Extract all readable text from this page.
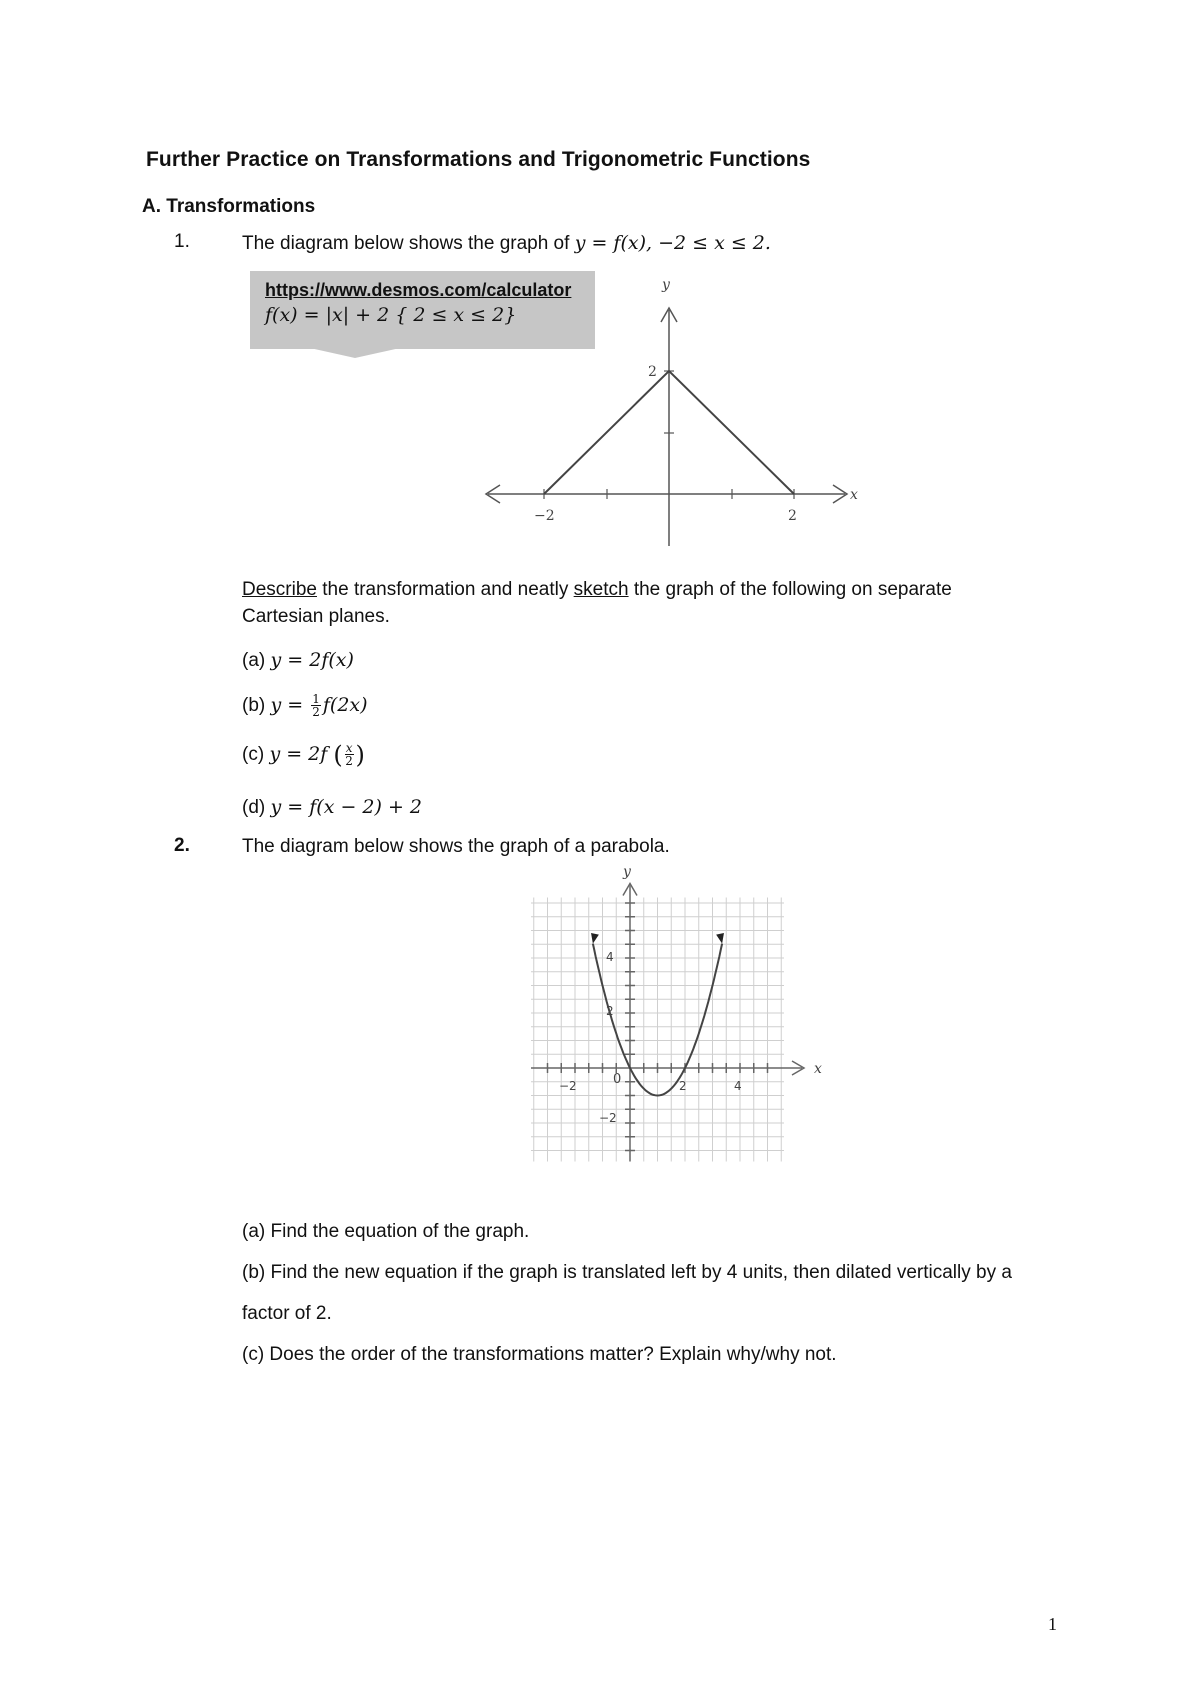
Further Practice on Transformations and Trigonometric Functions
A. Transformations
1.	The diagram below shows the graph of y = f(x), −2 ≤ x ≤ 2.
https://www.desmos.com/calculator
f(x) = |x| + 2 { 2 ≤ x ≤ 2}
y
x
−2	2
2
Describe the transformation and neatly sketch the graph of the following on separate
Cartesian planes.
(a) y = 2f(x)
(b) $y = \frac{1}{2} f(2x)$
(c) y = 2f ( $\frac{x}{2}$ )
(d) y = f(x − 2) + 2
2.	The diagram below shows the graph of a parabola.
y
x
−2	2	4
4
2
−2
0
(a) Find the equation of the graph.
(b) Find the new equation if the graph is translated left by 4 units, then dilated vertically by a
factor of 2.
(c) Does the order of the transformations matter? Explain why/why not.
1
